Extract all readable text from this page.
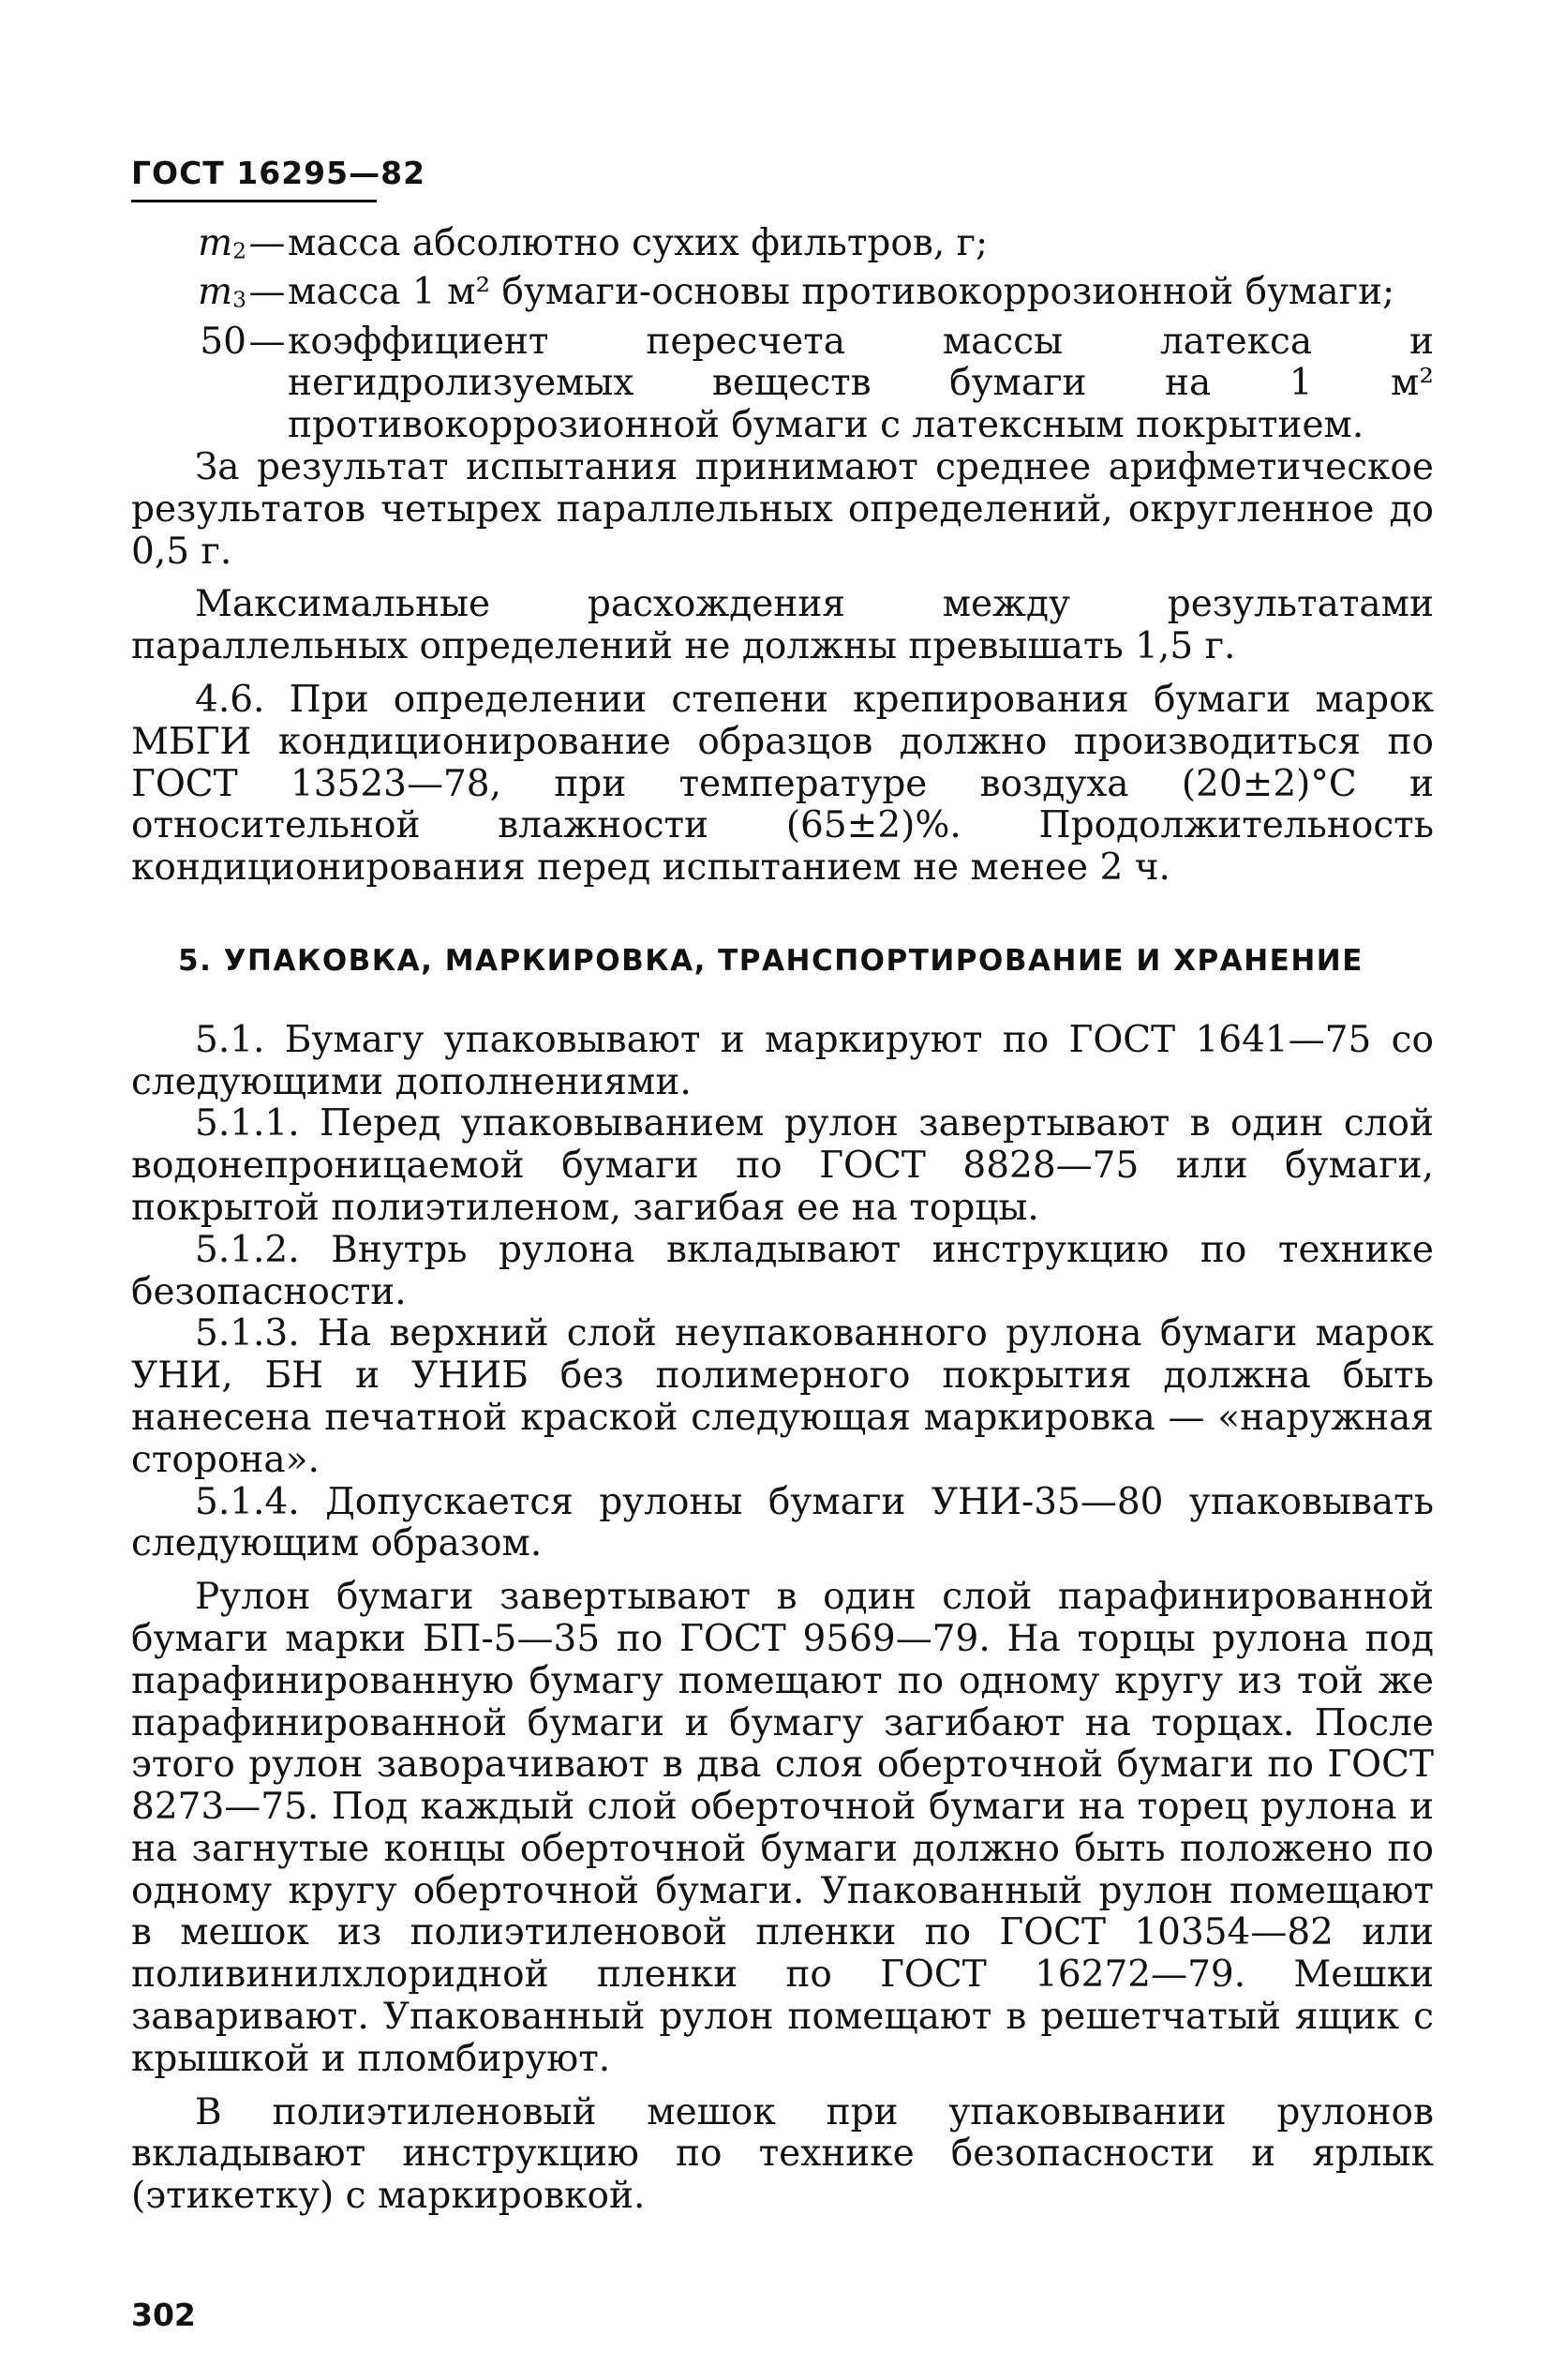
ГОСТ 16295—82
$m_2$ — масса абсолютно сухих фильтров, г;
$m_3$ — масса 1 м² бумаги-основы противокоррозионной бумаги;
50 — коэффициент пересчета массы латекса и негидролизуемых веществ бумаги на 1 м² противокоррозионной бумаги с латексным покрытием.

За результат испытания принимают среднее арифметическое результатов четырех параллельных определений, округленное до 0,5 г.

Максимальные расхождения между результатами параллельных определений не должны превышать 1,5 г.

4.6. При определении степени крепирования бумаги марок МБГИ кондиционирование образцов должно производиться по ГОСТ 13523—78, при температуре воздуха (20±2)°С и относительной влажности (65±2)%. Продолжительность кондиционирования перед испытанием не менее 2 ч.

5. УПАКОВКА, МАРКИРОВКА, ТРАНСПОРТИРОВАНИЕ И ХРАНЕНИЕ

5.1. Бумагу упаковывают и маркируют по ГОСТ 1641—75 со следующими дополнениями.

5.1.1. Перед упаковыванием рулон завертывают в один слой водонепроницаемой бумаги по ГОСТ 8828—75 или бумаги, покрытой полиэтиленом, загибая ее на торцы.

5.1.2. Внутрь рулона вкладывают инструкцию по технике безопасности.

5.1.3. На верхний слой неупакованного рулона бумаги марок УНИ, БН и УНИБ без полимерного покрытия должна быть нанесена печатной краской следующая маркировка — «наружная сторона».

5.1.4. Допускается рулоны бумаги УНИ-35—80 упаковывать следующим образом.

Рулон бумаги завертывают в один слой парафинированной бумаги марки БП-5—35 по ГОСТ 9569—79. На торцы рулона под парафинированную бумагу помещают по одному кругу из той же парафинированной бумаги и бумагу загибают на торцах. После этого рулон заворачивают в два слоя оберточной бумаги по ГОСТ 8273—75. Под каждый слой оберточной бумаги на торец рулона и на загнутые концы оберточной бумаги должно быть положено по одному кругу оберточной бумаги. Упакованный рулон помещают в мешок из полиэтиленовой пленки по ГОСТ 10354—82 или поливинилхлоридной пленки по ГОСТ 16272—79. Мешки заваривают. Упакованный рулон помещают в решетчатый ящик с крышкой и пломбируют.

В полиэтиленовый мешок при упаковывании рулонов вкладывают инструкцию по технике безопасности и ярлык (этикетку) с маркировкой.

302
